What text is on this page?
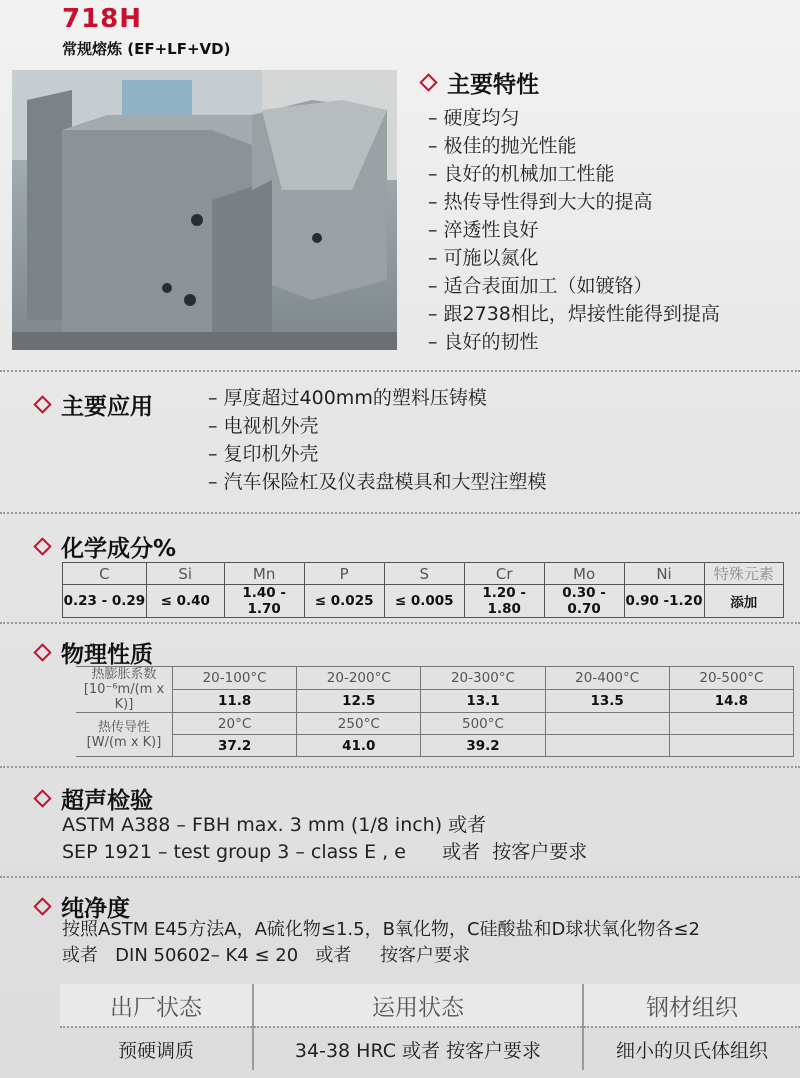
718H
常规熔炼 (EF+LF+VD)
主要特性
– 硬度均匀
– 极佳的抛光性能
– 良好的机械加工性能
– 热传导性得到大大的提高
– 淬透性良好
– 可施以氮化
– 适合表面加工（如镀铬）
– 跟2738相比，焊接性能得到提高
– 良好的韧性
主要应用	– 厚度超过400mm的塑料压铸模
– 电视机外壳
– 复印机外壳
– 汽车保险杠及仪表盘模具和大型注塑模
化学成分%
C	Si	Mn	P	S	Cr	Mo	Ni	特殊元素
0.23 - 0.29	≤ 0.40	1.40 - 1.70	≤ 0.025	≤ 0.005	1.20 - 1.80	0.30 - 0.70	0.90 -1.20	添加
物理性质
热膨胀系数
[10⁻⁶m/(m x K)]	20-100°C	20-200°C	20-300°C	20-400°C	20-500°C
	11.8	12.5	13.1	13.5	14.8

热传导性
[W/(m x K)]	20°C	250°C	500°C		
	37.2	41.0	39.2		
超声检验
ASTM A388 – FBH max. 3 mm (1/8 inch) 或者
SEP 1921 – test group 3 – class E , e      或者  按客户要求
纯净度
按照ASTM E45方法A，A硫化物≤1.5，B氧化物，C硅酸盐和D球状氧化物各≤2
或者   DIN 50602– K4 ≤ 20   或者     按客户要求
出厂状态	运用状态	钢材组织
预硬调质	34-38 HRC 或者 按客户要求	细小的贝氏体组织
